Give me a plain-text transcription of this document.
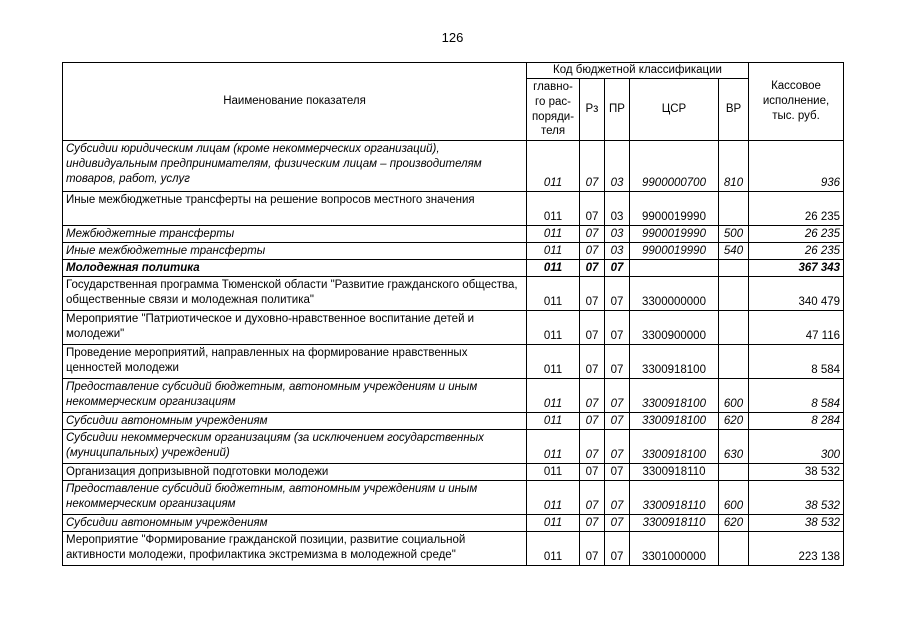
126
Наименование показателя	Код бюджетной классификации					Кассовое исполнение, тыс. руб.
	главно-го рас-поряди-теля	Рз	ПР	ЦСР	ВР	
Субсидии юридическим лицам (кроме некоммерческих организаций), индивидуальным предпринимателям, физическим лицам – производителям товаров, работ, услуг	011	07	03	9900000700	810	936
Иные межбюджетные трансферты на решение вопросов местного значения	011	07	03	9900019990		26 235
Межбюджетные трансферты	011	07	03	9900019990	500	26 235
Иные межбюджетные трансферты	011	07	03	9900019990	540	26 235
Молодежная политика	011	07	07			367 343
Государственная программа Тюменской области "Развитие гражданского общества, общественные связи и молодежная политика"	011	07	07	3300000000		340 479
Мероприятие "Патриотическое и духовно-нравственное воспитание детей и молодежи"	011	07	07	3300900000		47 116
Проведение мероприятий, направленных на формирование нравственных ценностей молодежи	011	07	07	3300918100		8 584
Предоставление субсидий бюджетным, автономным учреждениям и иным некоммерческим организациям	011	07	07	3300918100	600	8 584
Субсидии автономным учреждениям	011	07	07	3300918100	620	8 284
Субсидии некоммерческим организациям (за исключением государственных (муниципальных) учреждений)	011	07	07	3300918100	630	300
Организация допризывной подготовки молодежи	011	07	07	3300918110		38 532
Предоставление субсидий бюджетным, автономным учреждениям и иным некоммерческим организациям	011	07	07	3300918110	600	38 532
Субсидии автономным учреждениям	011	07	07	3300918110	620	38 532
Мероприятие "Формирование гражданской позиции, развитие социальной активности молодежи, профилактика экстремизма в молодежной среде"	011	07	07	3301000000		223 138
